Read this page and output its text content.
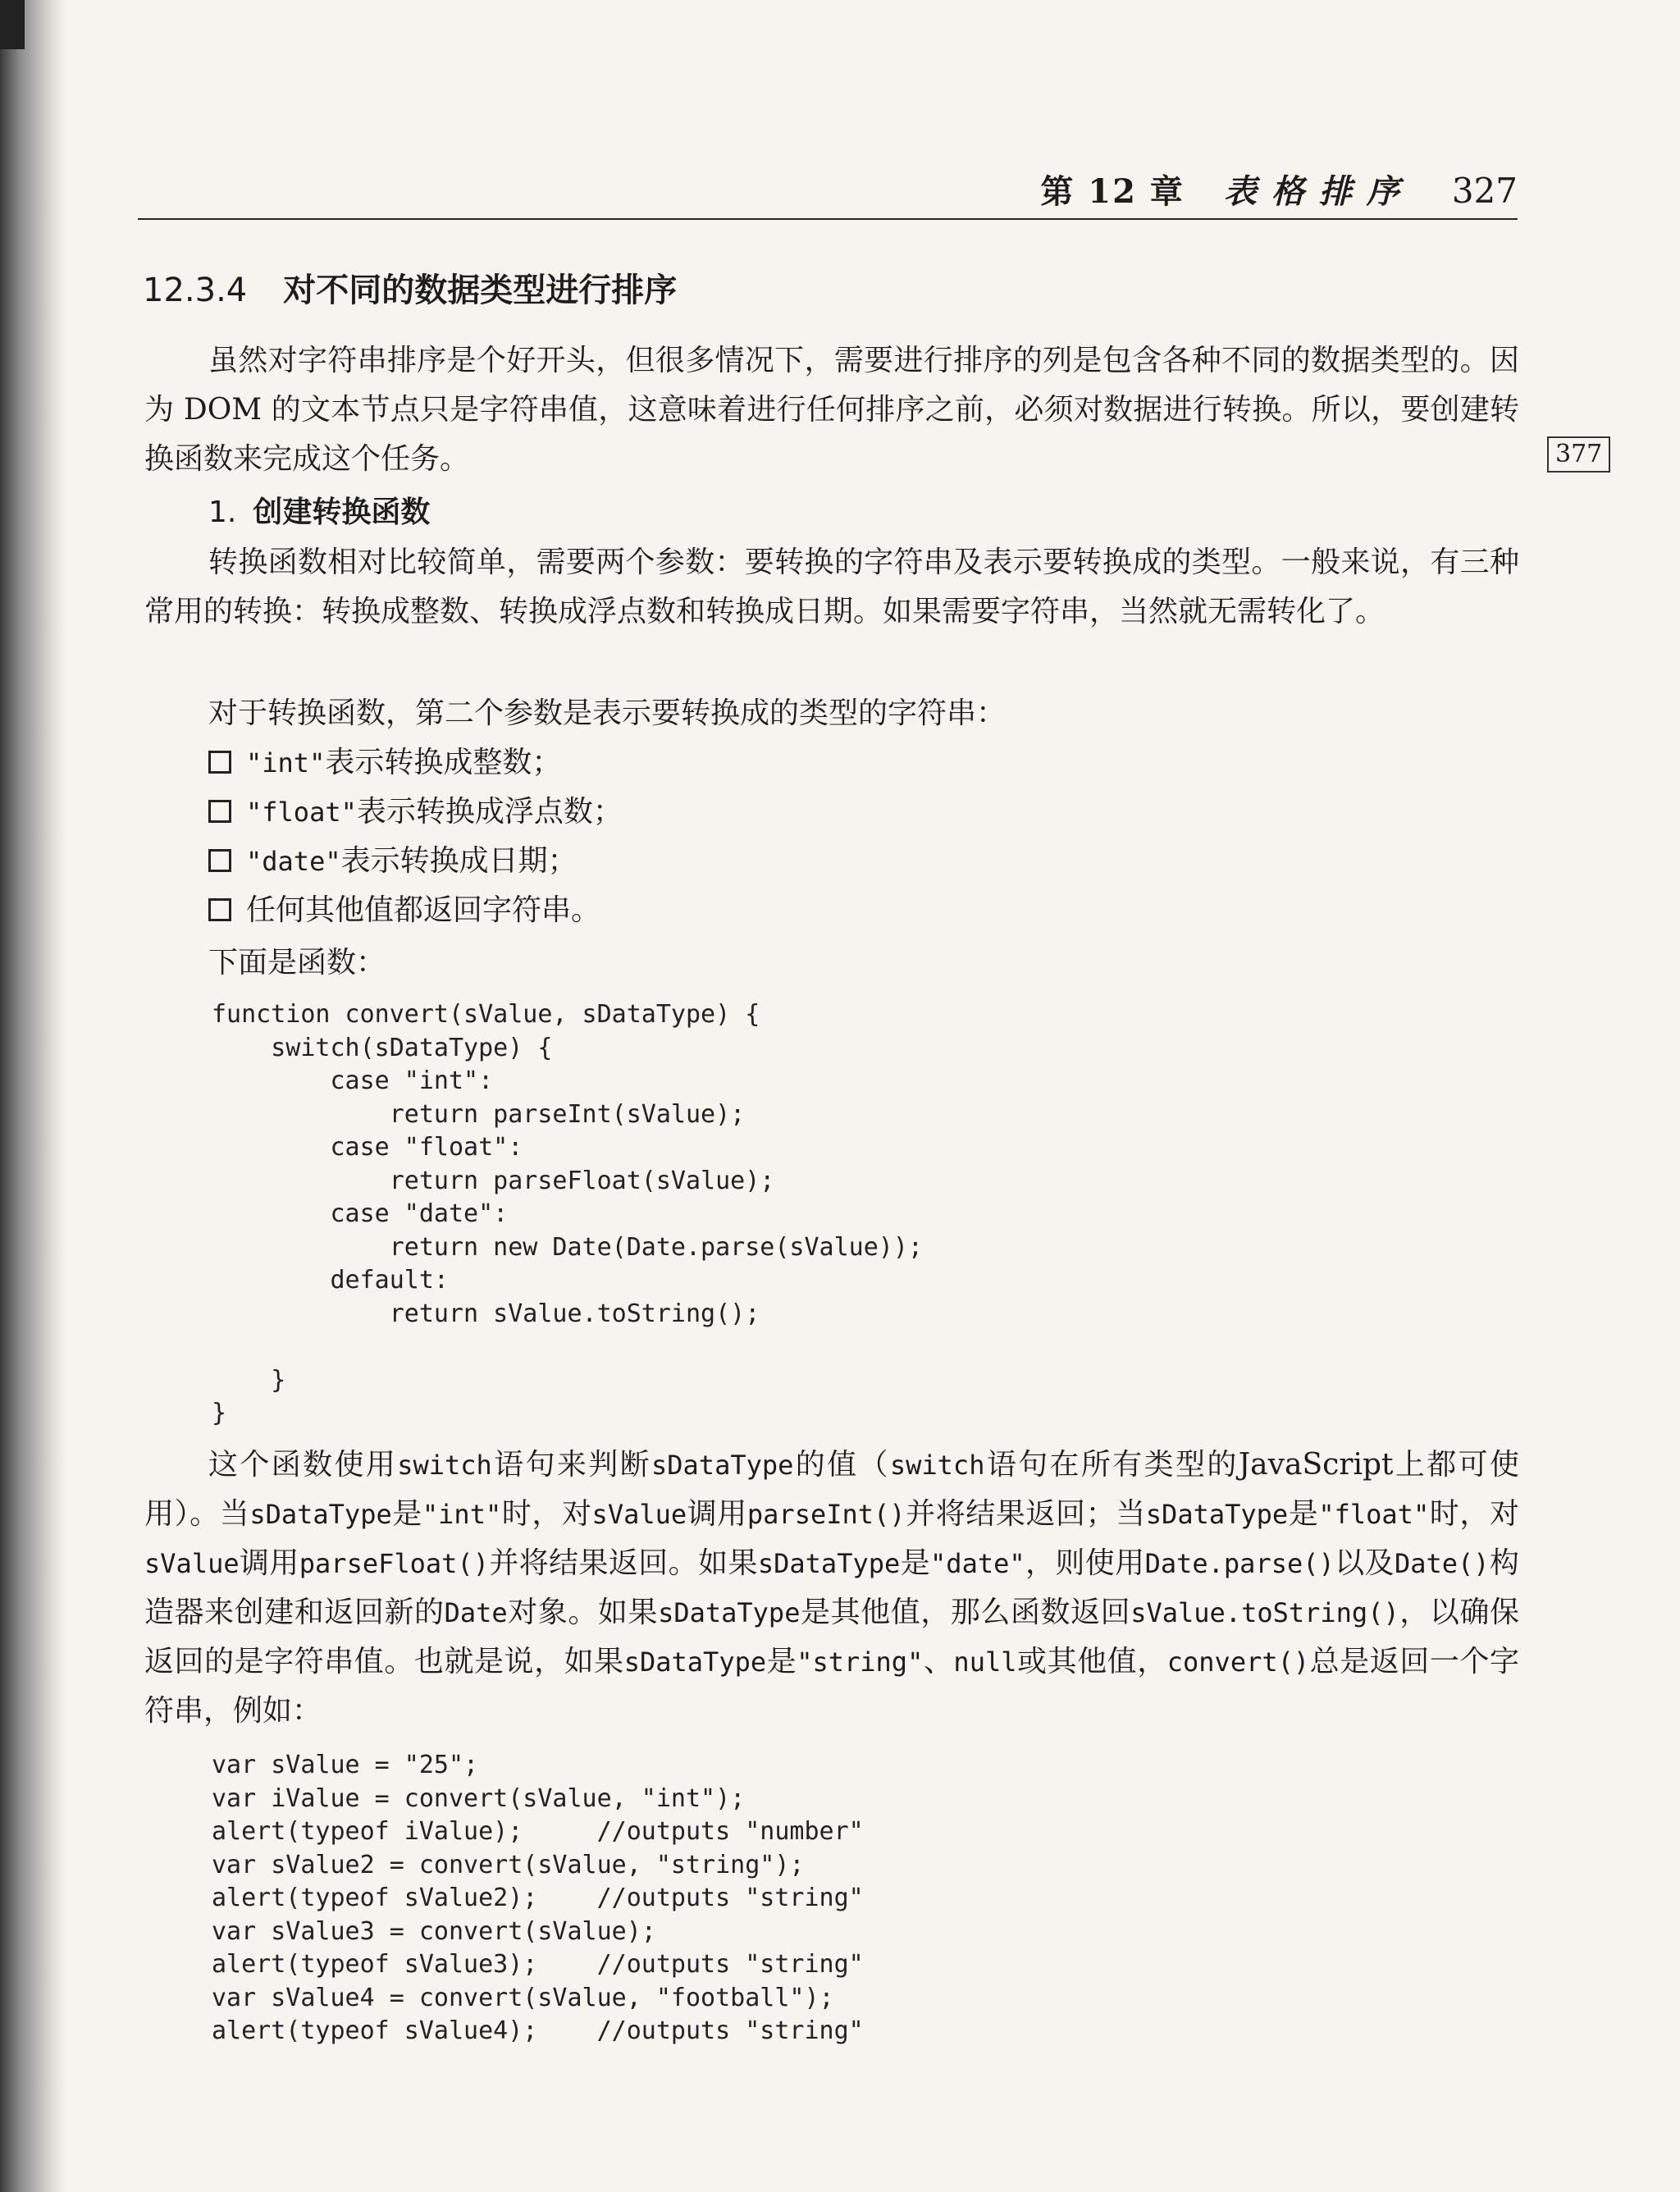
第 12 章 表格排序 327
12.3.4 对不同的数据类型进行排序
虽然对字符串排序是个好开头，但很多情况下，需要进行排序的列是包含各种不同的数据类型的。因为 DOM 的文本节点只是字符串值，这意味着进行任何排序之前，必须对数据进行转换。所以，要创建转换函数来完成这个任务。	377
1. 创建转换函数
转换函数相对比较简单，需要两个参数：要转换的字符串及表示要转换成的类型。一般来说，有三种常用的转换：转换成整数、转换成浮点数和转换成日期。如果需要字符串，当然就无需转化了。
对于转换函数，第二个参数是表示要转换成的类型的字符串：
"int"表示转换成整数；
"float"表示转换成浮点数；
"date"表示转换成日期；
任何其他值都返回字符串。
下面是函数：
function convert(sValue, sDataType) {
switch(sDataType) {
case "int":
return parseInt(sValue);
case "float":
return parseFloat(sValue);
case "date":
return new Date(Date.parse(sValue));
default:
return sValue.toString();

}
}
这个函数使用switch语句来判断sDataType的值（switch语句在所有类型的JavaScript上都可使用）。当sDataType是"int"时，对sValue调用parseInt()并将结果返回；当sDataType是"float"时，对sValue调用parseFloat()并将结果返回。如果sDataType是"date"，则使用Date.parse()以及Date()构造器来创建和返回新的Date对象。如果sDataType是其他值，那么函数返回sValue.toString()，以确保返回的是字符串值。也就是说，如果sDataType是"string"、null或其他值，convert()总是返回一个字符串，例如：
var sValue = "25";
var iValue = convert(sValue, "int");
alert(typeof iValue);     //outputs "number"
var sValue2 = convert(sValue, "string");
alert(typeof sValue2);    //outputs "string"
var sValue3 = convert(sValue);
alert(typeof sValue3);    //outputs "string"
var sValue4 = convert(sValue, "football");
alert(typeof sValue4);    //outputs "string"
